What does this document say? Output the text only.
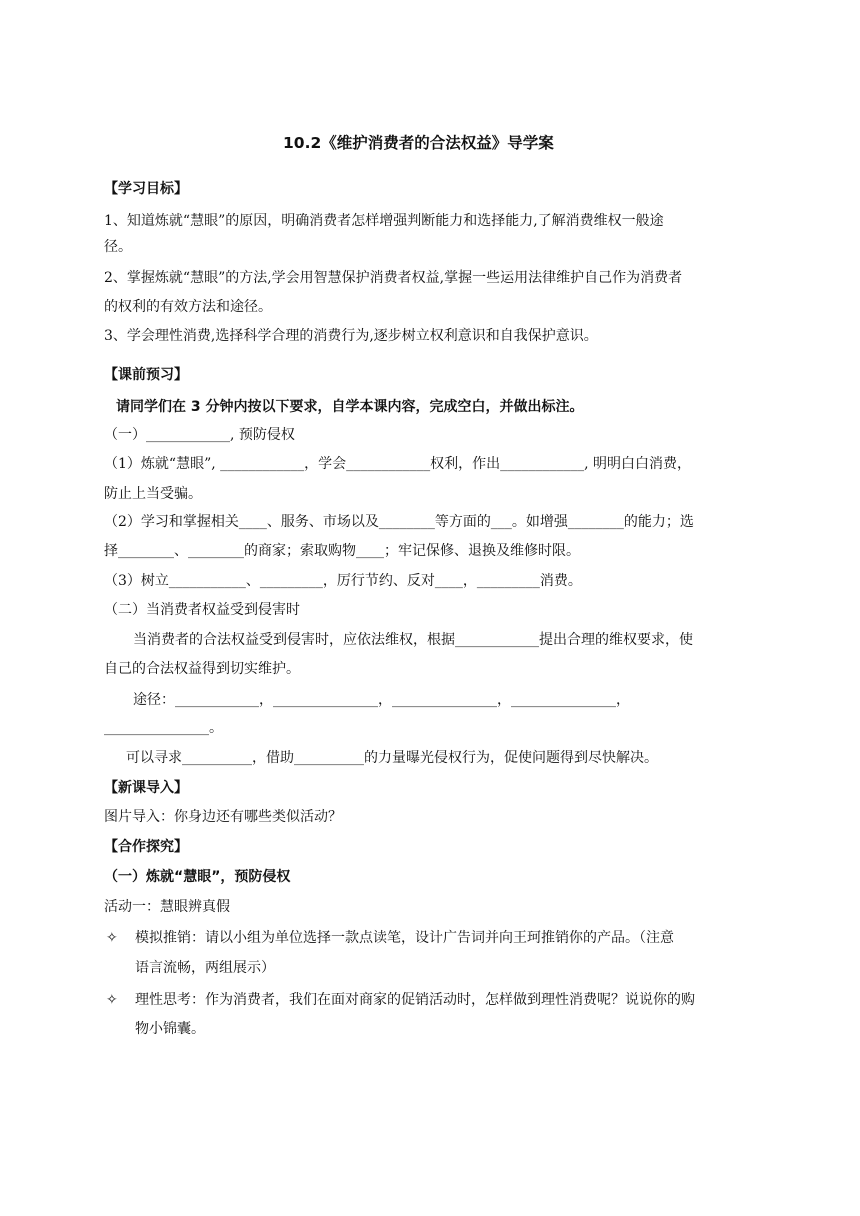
10.2《维护消费者的合法权益》导学案
【学习目标】
1、知道炼就“慧眼”的原因，明确消费者怎样增强判断能力和选择能力,了解消费维权一般途
径。
2、掌握炼就“慧眼”的方法,学会用智慧保护消费者权益,掌握一些运用法律维护自己作为消费者
的权利的有效方法和途径。
3、学会理性消费,选择科学合理的消费行为,逐步树立权利意识和自我保护意识。
【课前预习】
请同学们在 3 分钟内按以下要求，自学本课内容，完成空白，并做出标注。
（一）____________, 预防侵权
（1）炼就“慧眼”, ____________，学会____________权利，作出____________, 明明白白消费，
防止上当受骗。
（2）学习和掌握相关____、服务、市场以及________等方面的___。如增强________的能力；选
择________、________的商家；索取购物____；牢记保修、退换及维修时限。
（3）树立___________、_________，厉行节约、反对____，_________消费。
（二）当消费者权益受到侵害时
当消费者的合法权益受到侵害时，应依法维权，根据____________提出合理的维权要求，使
自己的合法权益得到切实维护。
途径：____________，_______________，_______________，_______________，
_______________。
可以寻求__________，借助__________的力量曝光侵权行为，促使问题得到尽快解决。
【新课导入】
图片导入：你身边还有哪些类似活动？
【合作探究】
（一）炼就“慧眼”，预防侵权
活动一：慧眼辨真假
✧ 模拟推销：请以小组为单位选择一款点读笔，设计广告词并向王珂推销你的产品。（注意
语言流畅，两组展示）
✧ 理性思考：作为消费者，我们在面对商家的促销活动时，怎样做到理性消费呢？说说你的购
物小锦囊。
